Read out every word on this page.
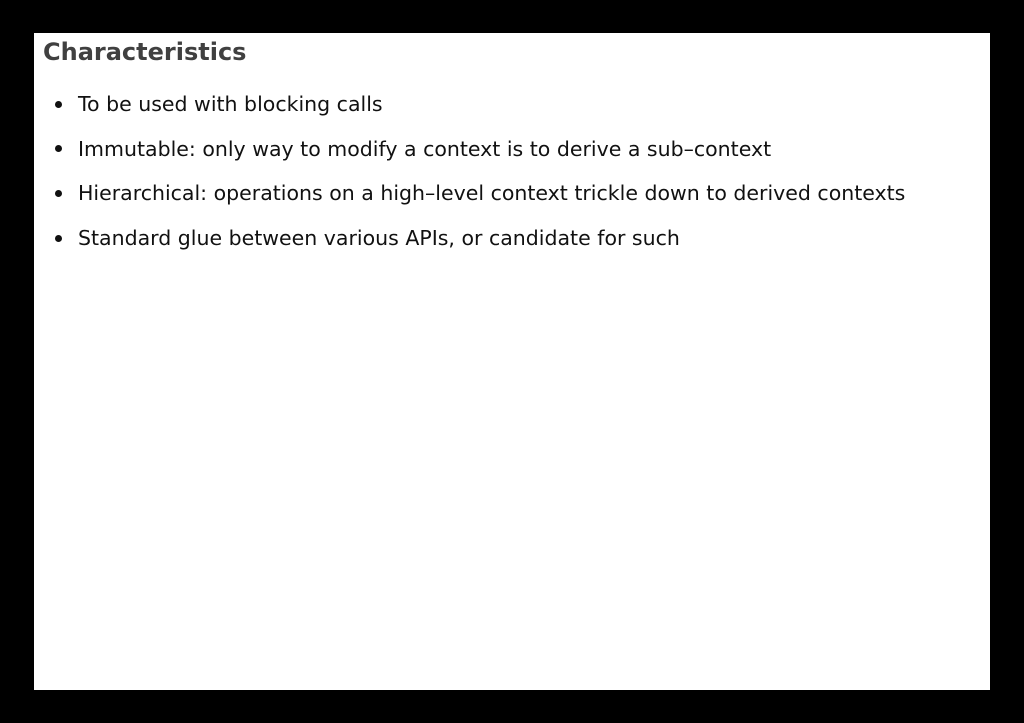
Characteristics
To be used with blocking calls
Immutable: only way to modify a context is to derive a sub–context
Hierarchical: operations on a high–level context trickle down to derived contexts
Standard glue between various APIs, or candidate for such
